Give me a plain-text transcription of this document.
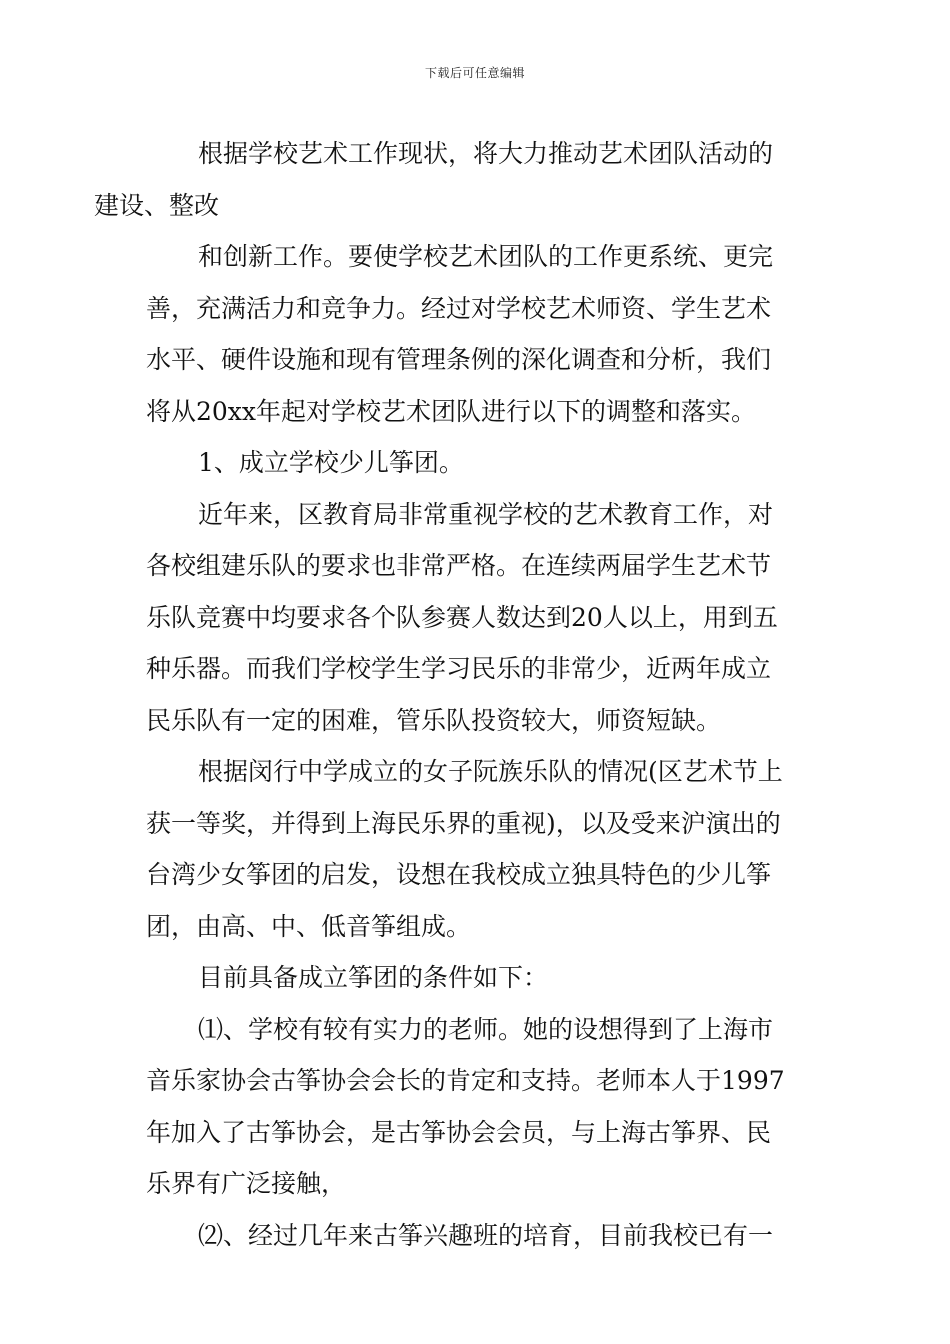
下载后可任意编辑

根据学校艺术工作现状，将大力推动艺术团队活动的
建设、整改

和创新工作。要使学校艺术团队的工作更系统、更完
善，充满活力和竞争力。经过对学校艺术师资、学生艺术
水平、硬件设施和现有管理条例的深化调查和分析，我们
将从20xx年起对学校艺术团队进行以下的调整和落实。

1、成立学校少儿筝团。

近年来，区教育局非常重视学校的艺术教育工作，对
各校组建乐队的要求也非常严格。在连续两届学生艺术节
乐队竞赛中均要求各个队参赛人数达到20人以上，用到五
种乐器。而我们学校学生学习民乐的非常少，近两年成立
民乐队有一定的困难，管乐队投资较大，师资短缺。

根据闵行中学成立的女子阮族乐队的情况(区艺术节上
获一等奖，并得到上海民乐界的重视)，以及受来沪演出的
台湾少女筝团的启发，设想在我校成立独具特色的少儿筝
团，由高、中、低音筝组成。

目前具备成立筝团的条件如下：

⑴、学校有较有实力的老师。她的设想得到了上海市
音乐家协会古筝协会会长的肯定和支持。老师本人于1997
年加入了古筝协会，是古筝协会会员，与上海古筝界、民
乐界有广泛接触，

⑵、经过几年来古筝兴趣班的培育，目前我校已有一
